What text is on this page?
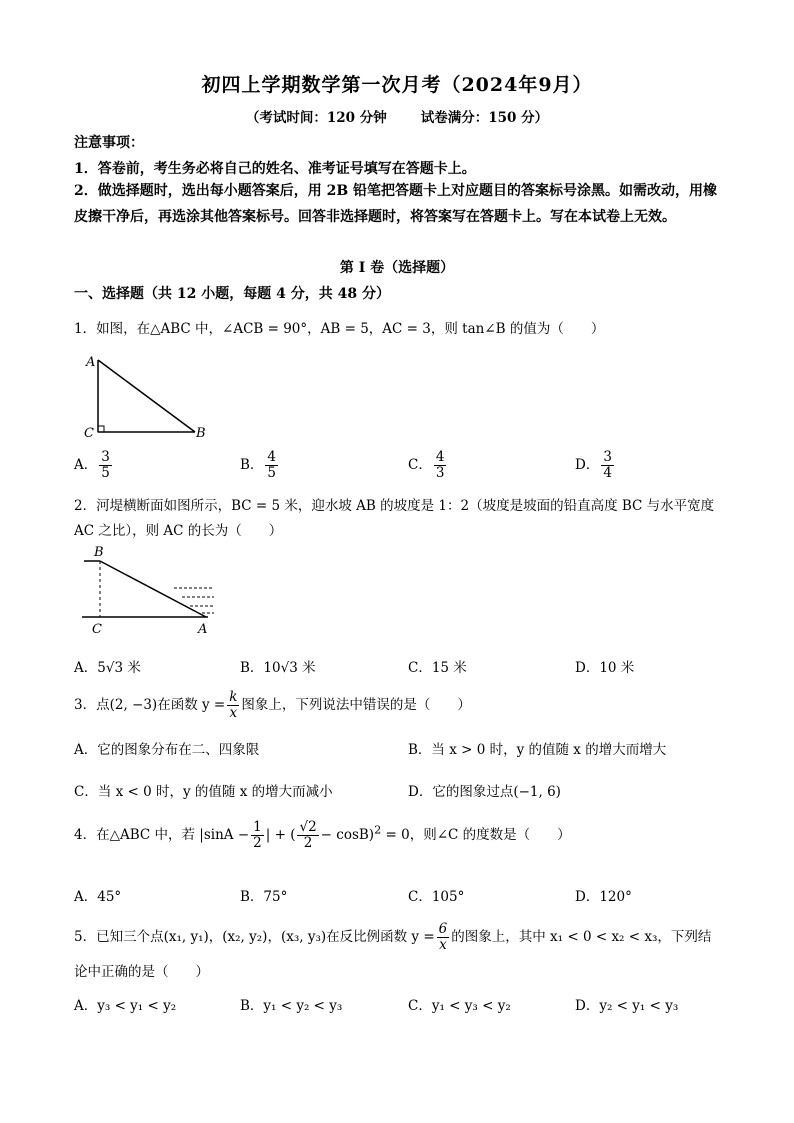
初四上学期数学第一次月考（2024年9月）
（考试时间：120 分钟	试卷满分：150 分）
注意事项：
1．答卷前，考生务必将自己的姓名、准考证号填写在答题卡上。
2．做选择题时，选出每小题答案后，用 2B 铅笔把答题卡上对应题目的答案标号涂黑。如需改动，用橡皮擦干净后，再选涂其他答案标号。回答非选择题时，将答案写在答题卡上。写在本试卷上无效。
第 I 卷（选择题）
一、选择题（共 12 小题，每题 4 分，共 48 分）
1．如图，在△ABC 中，∠ACB = 90°，AB = 5，AC = 3，则 tan∠B 的值为（　　）
A
C	B
A． $\frac{3}{5}$	B． $\frac{4}{5}$	C． $\frac{4}{3}$	D． $\frac{3}{4}$
2．河堤横断面如图所示，BC = 5 米，迎水坡 AB 的坡度是 1：2（坡度是坡面的铅直高度 BC 与水平宽度
AC 之比），则 AC 的长为（　　）
B
C	A
A．5√3 米	B．10√3 米	C．15 米	D．10 米
3．点(2, −3)在函数 $y = \frac{k}{x}$ 图象上，下列说法中错误的是（　　）
A．它的图象分布在二、四象限	B．当 x > 0 时，y 的值随 x 的增大而增大
C．当 x < 0 时，y 的值随 x 的增大而减小	D．它的图象过点(−1, 6)
4．在△ABC 中，若 $|\sin A - \frac{1}{2}$ | + ( $\frac{√2}{2} - \cos B)^2 = 0$，则∠C 的度数是（　　）
A．45°	B．75°	C．105°	D．120°
5．已知三个点(x₁, y₁)，(x₂, y₂)，(x₃, y₃)在反比例函数 $y = \frac{6}{x}$ 的图象上，其中 x₁ < 0 < x₂ < x₃，下列结
论中正确的是（　　）
A．y₃ < y₁ < y₂	B．y₁ < y₂ < y₃	C．y₁ < y₃ < y₂	D．y₂ < y₁ < y₃
